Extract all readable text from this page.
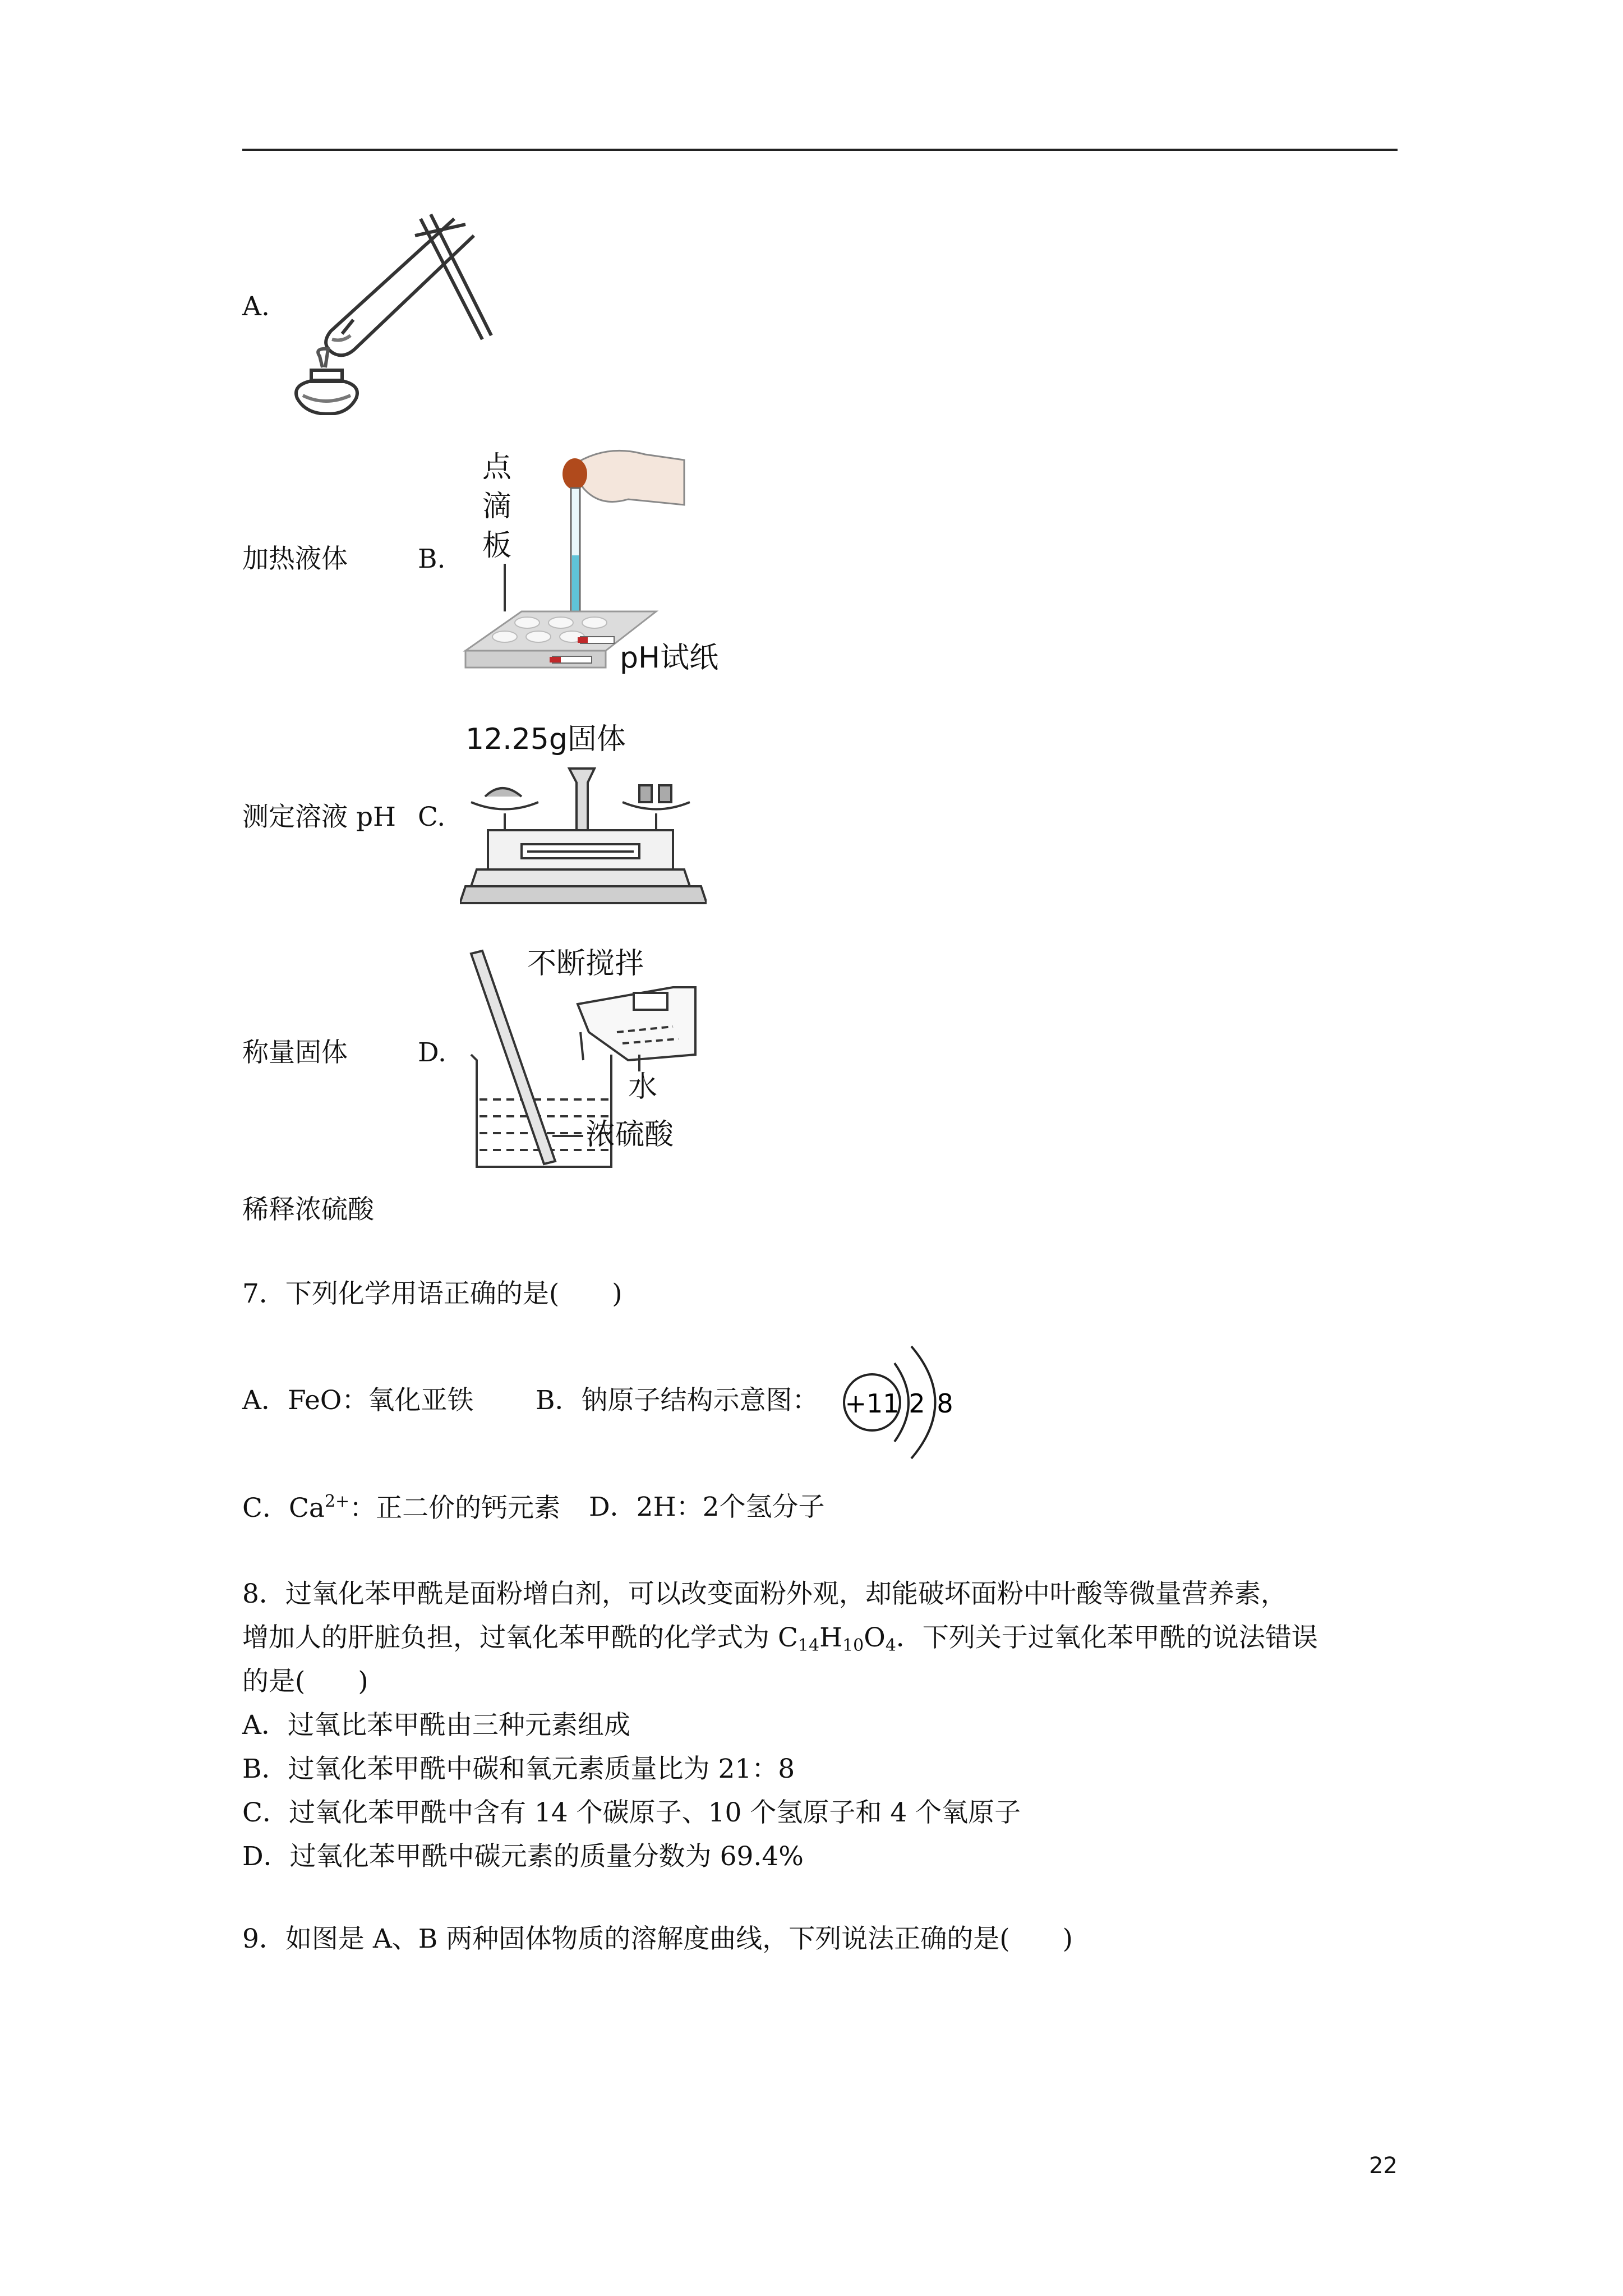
A.
加热液体	B.
点
滴
板
pH试纸
测定溶液 pH C.
12.25g固体
称量固体	D.
不断搅拌
水
浓硫酸
稀释浓硫酸
7．下列化学用语正确的是(　　)
A．FeO：氧化亚铁 B．钠原子结构示意图： +11 2 8
C．$Ca^{2+}$：正二价的钙元素 D．2H：2个氢分子
8．过氧化苯甲酰是面粉增白剂，可以改变面粉外观，却能破坏面粉中叶酸等微量营养素，
增加人的肝脏负担，过氧化苯甲酰的化学式为 $C_{14}H_{10}O_4$．下列关于过氧化苯甲酰的说法错误
的是(　　)
A．过氧比苯甲酰由三种元素组成
B．过氧化苯甲酰中碳和氧元素质量比为 21：8
C．过氧化苯甲酰中含有 14 个碳原子、10 个氢原子和 4 个氧原子
D．过氧化苯甲酰中碳元素的质量分数为 69.4%
9．如图是 A、B 两种固体物质的溶解度曲线，下列说法正确的是(　　)
22
